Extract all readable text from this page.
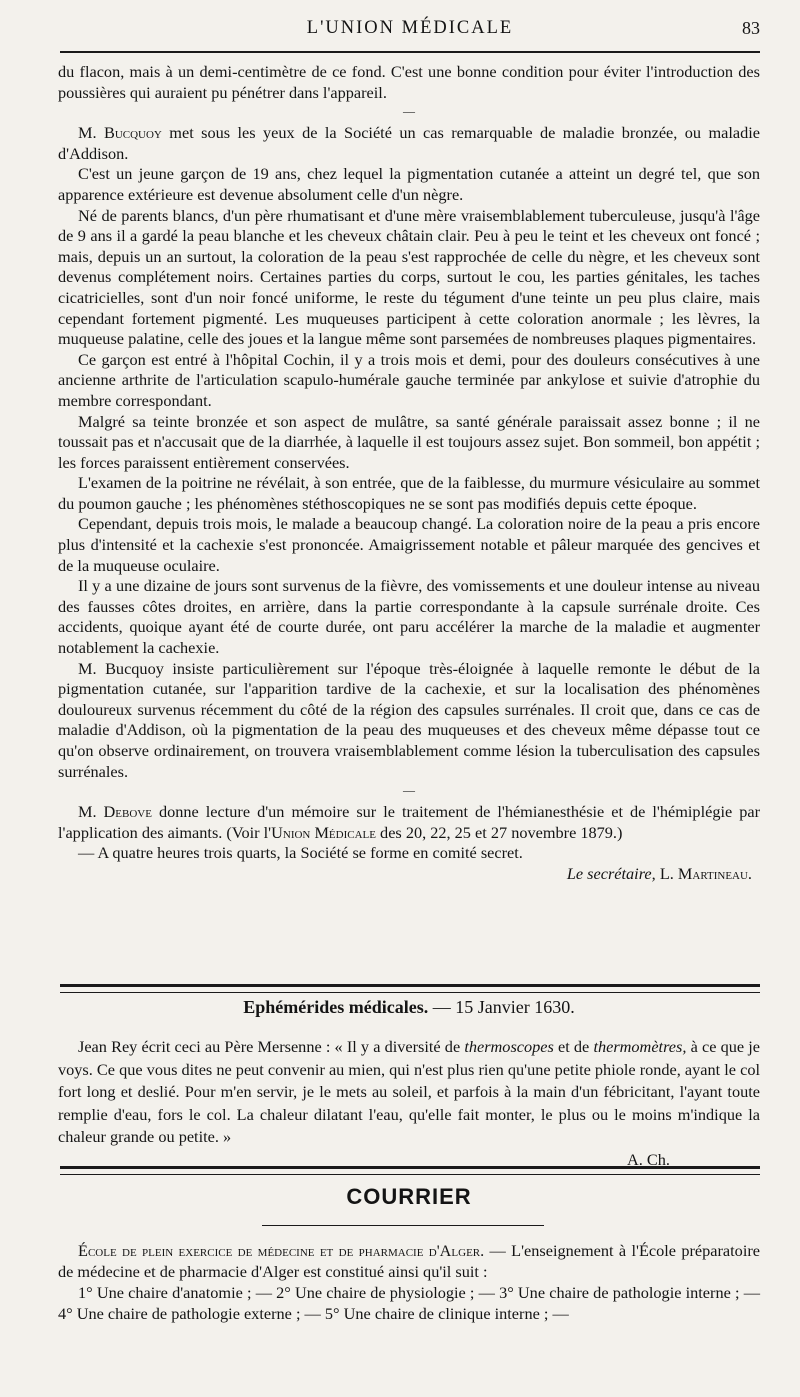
L'UNION MÉDICALE	83

du flacon, mais à un demi-centimètre de ce fond. C'est une bonne condition pour éviter l'introduction des poussières qui auraient pu pénétrer dans l'appareil.

—

M. Bucquoy met sous les yeux de la Société un cas remarquable de maladie bronzée, ou maladie d'Addison.

C'est un jeune garçon de 19 ans, chez lequel la pigmentation cutanée a atteint un degré tel, que son apparence extérieure est devenue absolument celle d'un nègre.

Né de parents blancs, d'un père rhumatisant et d'une mère vraisemblablement tuberculeuse, jusqu'à l'âge de 9 ans il a gardé la peau blanche et les cheveux châtain clair. Peu à peu le teint et les cheveux ont foncé ; mais, depuis un an surtout, la coloration de la peau s'est rapprochée de celle du nègre, et les cheveux sont devenus complétement noirs. Certaines parties du corps, surtout le cou, les parties génitales, les taches cicatricielles, sont d'un noir foncé uniforme, le reste du tégument d'une teinte un peu plus claire, mais cependant fortement pigmenté. Les muqueuses participent à cette coloration anormale ; les lèvres, la muqueuse palatine, celle des joues et la langue même sont parsemées de nombreuses plaques pigmentaires.

Ce garçon est entré à l'hôpital Cochin, il y a trois mois et demi, pour des douleurs consécutives à une ancienne arthrite de l'articulation scapulo-humérale gauche terminée par ankylose et suivie d'atrophie du membre correspondant.

Malgré sa teinte bronzée et son aspect de mulâtre, sa santé générale paraissait assez bonne ; il ne toussait pas et n'accusait que de la diarrhée, à laquelle il est toujours assez sujet. Bon sommeil, bon appétit ; les forces paraissent entièrement conservées.

L'examen de la poitrine ne révélait, à son entrée, que de la faiblesse, du murmure vésiculaire au sommet du poumon gauche ; les phénomènes stéthoscopiques ne se sont pas modifiés depuis cette époque.

Cependant, depuis trois mois, le malade a beaucoup changé. La coloration noire de la peau a pris encore plus d'intensité et la cachexie s'est prononcée. Amaigrissement notable et pâleur marquée des gencives et de la muqueuse oculaire.

Il y a une dizaine de jours sont survenus de la fièvre, des vomissements et une douleur intense au niveau des fausses côtes droites, en arrière, dans la partie correspondante à la capsule surrénale droite. Ces accidents, quoique ayant été de courte durée, ont paru accélérer la marche de la maladie et augmenter notablement la cachexie.

M. Bucquoy insiste particulièrement sur l'époque très-éloignée à laquelle remonte le début de la pigmentation cutanée, sur l'apparition tardive de la cachexie, et sur la localisation des phénomènes douloureux survenus récemment du côté de la région des capsules surrénales. Il croit que, dans ce cas de maladie d'Addison, où la pigmentation de la peau des muqueuses et des cheveux même dépasse tout ce qu'on observe ordinairement, on trouvera vraisemblablement comme lésion la tuberculisation des capsules surrénales.

—

M. Debove donne lecture d'un mémoire sur le traitement de l'hémianesthésie et de l'hémiplégie par l'application des aimants. (Voir l'Union Médicale des 20, 22, 25 et 27 novembre 1879.)

— A quatre heures trois quarts, la Société se forme en comité secret.

Le secrétaire, L. Martineau.
Ephémérides médicales. — 15 Janvier 1630.

Jean Rey écrit ceci au Père Mersenne : « Il y a diversité de thermoscopes et de thermomètres, à ce que je voys. Ce que vous dites ne peut convenir au mien, qui n'est plus rien qu'une petite phiole ronde, ayant le col fort long et deslié. Pour m'en servir, je le mets au soleil, et parfois à la main d'un fébricitant, l'ayant toute remplie d'eau, fors le col. La chaleur dilatant l'eau, qu'elle fait monter, le plus ou le moins m'indique la chaleur grande ou petite. »

A. Ch.
COURRIER

École de plein exercice de médecine et de pharmacie d'Alger. — L'enseignement à l'École préparatoire de médecine et de pharmacie d'Alger est constitué ainsi qu'il suit :

1° Une chaire d'anatomie ; — 2° Une chaire de physiologie ; — 3° Une chaire de pathologie interne ; — 4° Une chaire de pathologie externe ; — 5° Une chaire de clinique interne ; —
